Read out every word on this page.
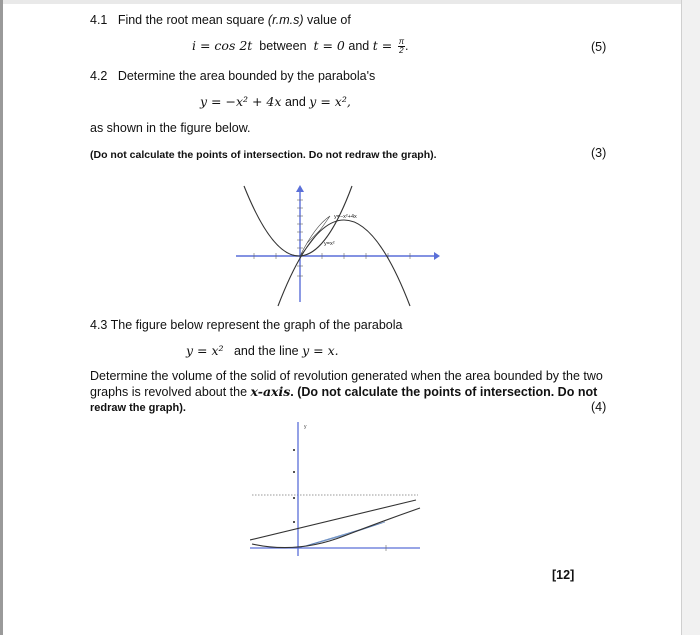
4.1 Find the root mean square (r.m.s) value of
i = cos 2t between t = 0 and $t = \frac{\pi}{2}$ .	(5)
4.2 Determine the area bounded by the parabola's
y = −x² + 4x and y = x²,
as shown in the figure below.
(Do not calculate the points of intersection. Do not redraw the graph).	(3)
y=−x²+4x
y=x²
4.3 The figure below represent the graph of the parabola
y = x² and the line y = x.
Determine the volume of the solid of revolution generated when the area bounded by the two
graphs is revolved about the x-axis. (Do not calculate the points of intersection. Do not
redraw the graph).	(4)
y
[12]
